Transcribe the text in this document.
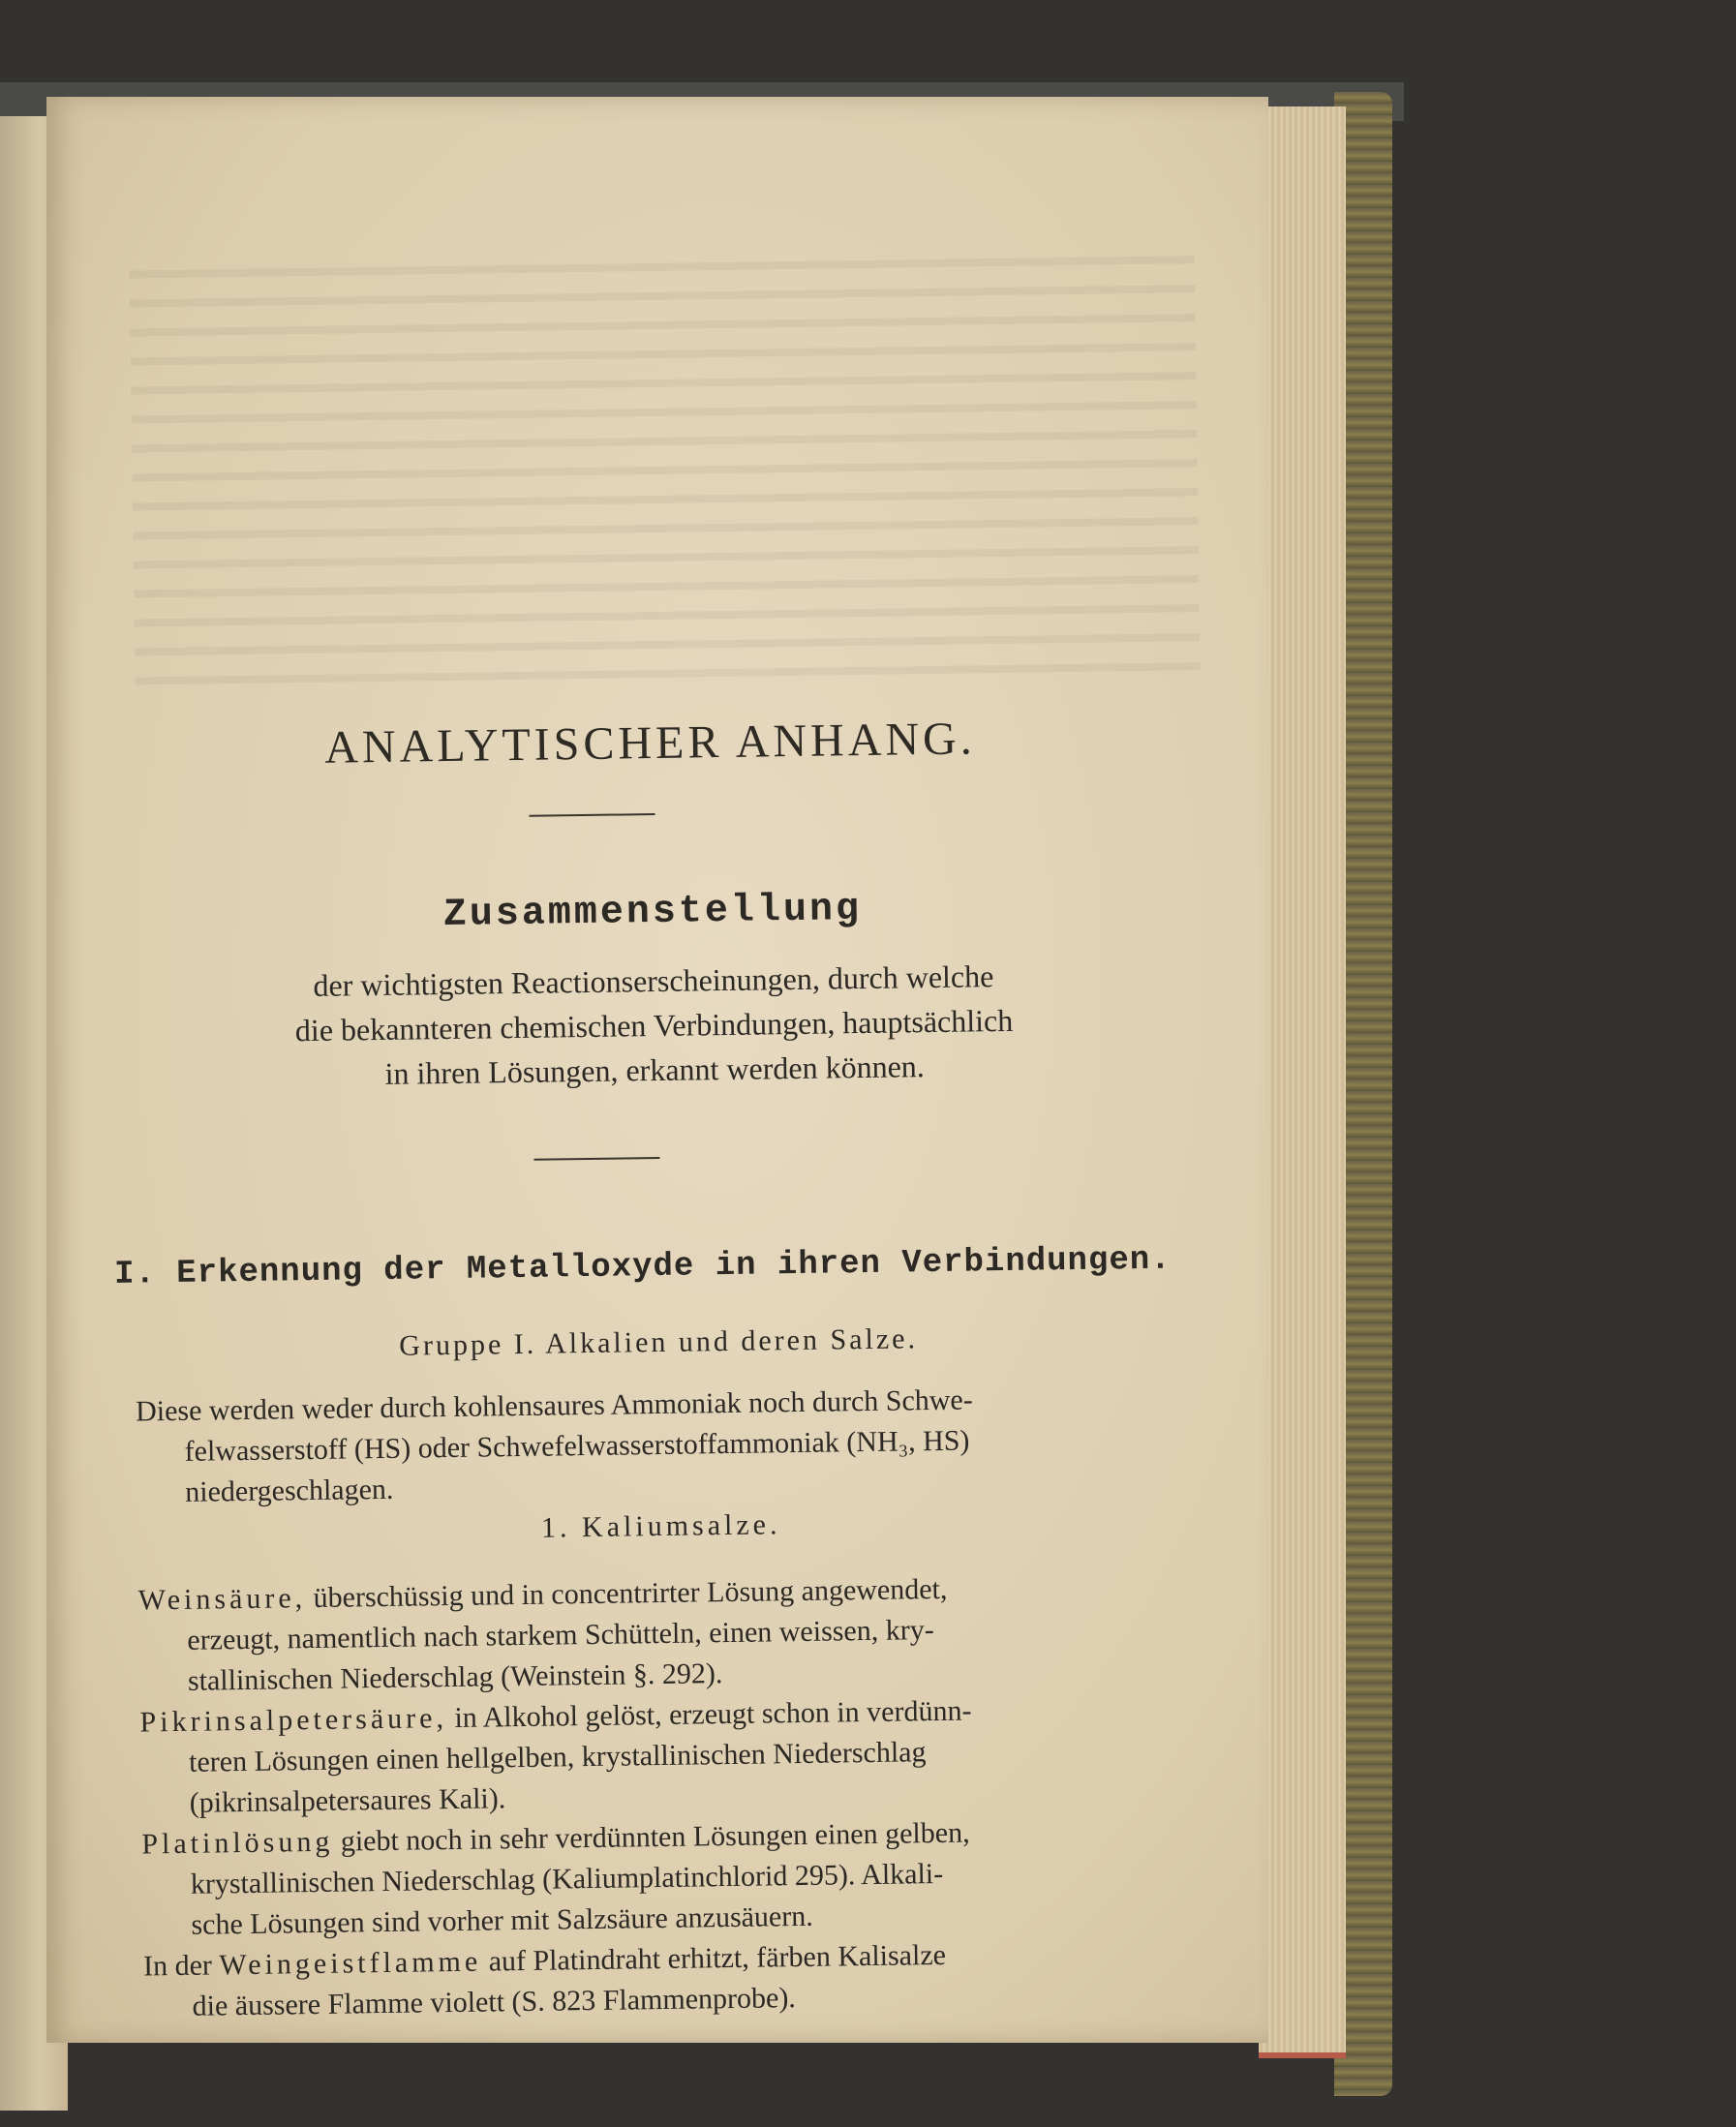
ANALYTISCHER ANHANG.
Zusammenstellung
der wichtigsten Reactionserscheinungen, durch welche
die bekannteren chemischen Verbindungen, hauptsächlich
in ihren Lösungen, erkannt werden können.
I. Erkennung der Metalloxyde in ihren Verbindungen.
Gruppe I. Alkalien und deren Salze.
Diese werden weder durch kohlensaures Ammoniak noch durch Schwe-
felwasserstoff (HS) oder Schwefelwasserstoffammoniak (NH₃, HS)
niedergeschlagen.
1. Kaliumsalze.
Weinsäure, überschüssig und in concentrirter Lösung angewendet,
erzeugt, namentlich nach starkem Schütteln, einen weissen, kry-
stallinischen Niederschlag (Weinstein §. 292).
Pikrinsalpetersäure, in Alkohol gelöst, erzeugt schon in verdünn-
teren Lösungen einen hellgelben, krystallinischen Niederschlag
(pikrinsalpetersaures Kali).
Platinlösung giebt noch in sehr verdünnten Lösungen einen gelben,
krystallinischen Niederschlag (Kaliumplatinchlorid 295). Alkali-
sche Lösungen sind vorher mit Salzsäure anzusäuern.
In der Weingeistflamme auf Platindraht erhitzt, färben Kalisalze
die äussere Flamme violett (S. 823 Flammenprobe).
